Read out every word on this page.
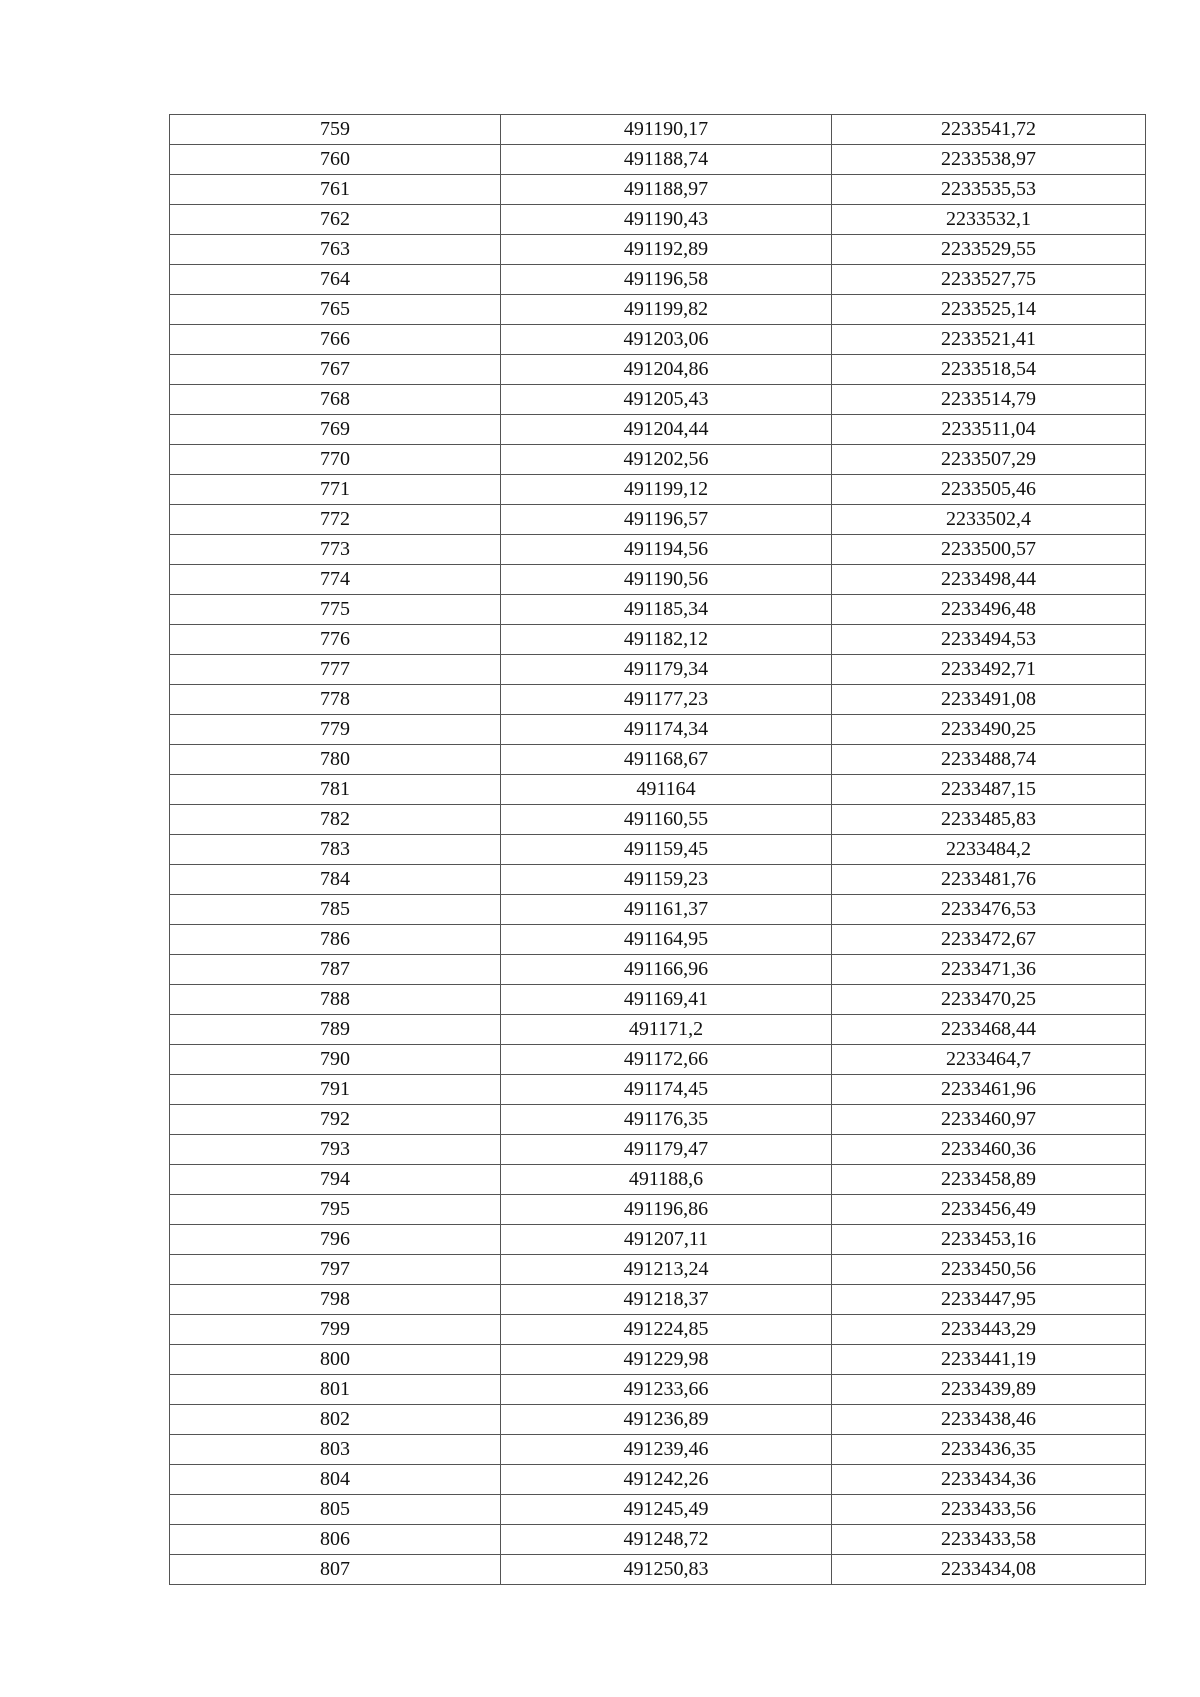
759	491190,17	2233541,72
760	491188,74	2233538,97
761	491188,97	2233535,53
762	491190,43	2233532,1
763	491192,89	2233529,55
764	491196,58	2233527,75
765	491199,82	2233525,14
766	491203,06	2233521,41
767	491204,86	2233518,54
768	491205,43	2233514,79
769	491204,44	2233511,04
770	491202,56	2233507,29
771	491199,12	2233505,46
772	491196,57	2233502,4
773	491194,56	2233500,57
774	491190,56	2233498,44
775	491185,34	2233496,48
776	491182,12	2233494,53
777	491179,34	2233492,71
778	491177,23	2233491,08
779	491174,34	2233490,25
780	491168,67	2233488,74
781	491164	2233487,15
782	491160,55	2233485,83
783	491159,45	2233484,2
784	491159,23	2233481,76
785	491161,37	2233476,53
786	491164,95	2233472,67
787	491166,96	2233471,36
788	491169,41	2233470,25
789	491171,2	2233468,44
790	491172,66	2233464,7
791	491174,45	2233461,96
792	491176,35	2233460,97
793	491179,47	2233460,36
794	491188,6	2233458,89
795	491196,86	2233456,49
796	491207,11	2233453,16
797	491213,24	2233450,56
798	491218,37	2233447,95
799	491224,85	2233443,29
800	491229,98	2233441,19
801	491233,66	2233439,89
802	491236,89	2233438,46
803	491239,46	2233436,35
804	491242,26	2233434,36
805	491245,49	2233433,56
806	491248,72	2233433,58
807	491250,83	2233434,08
